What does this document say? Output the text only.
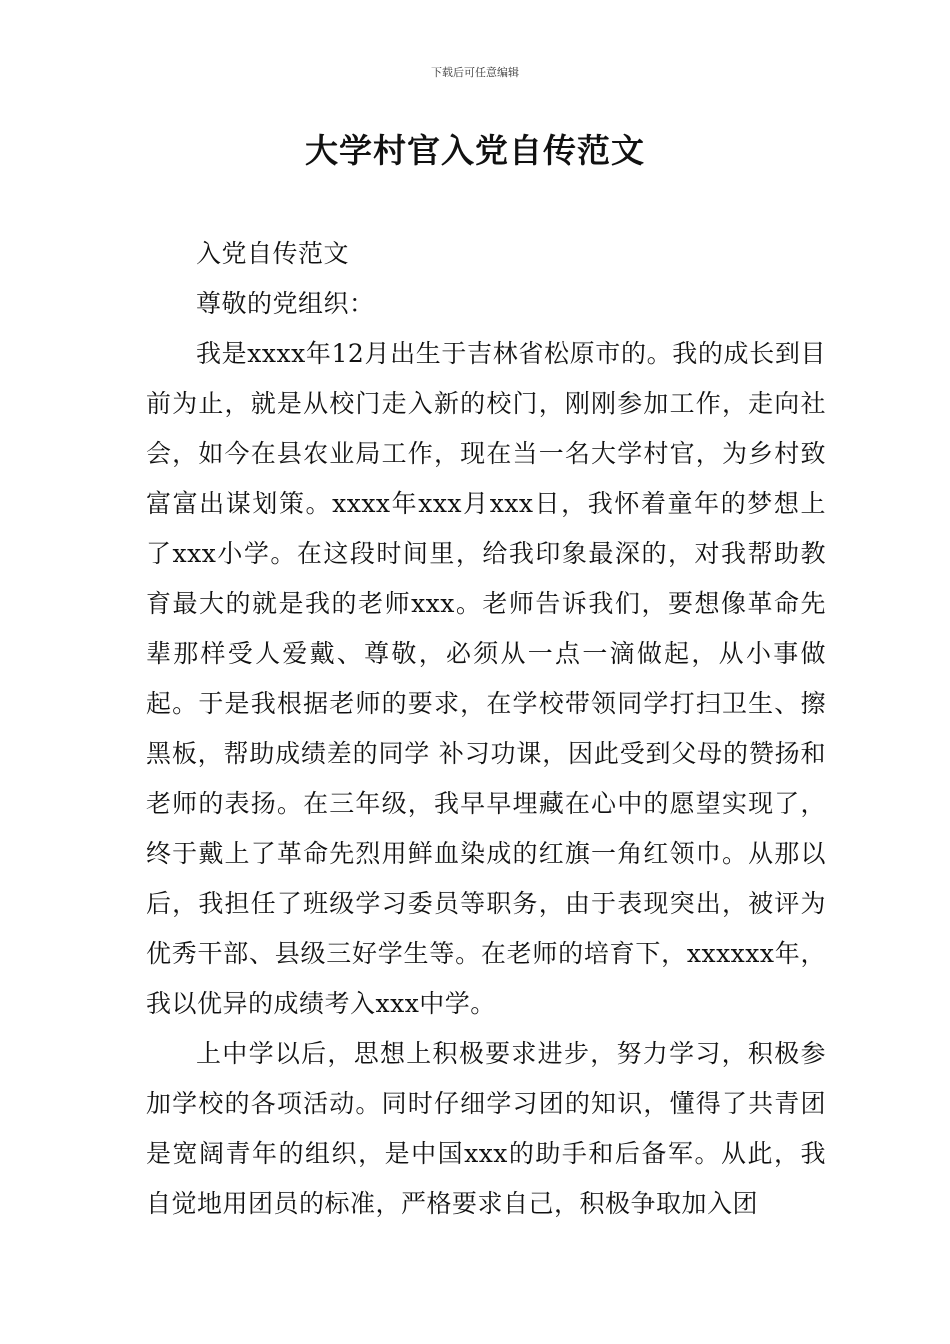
下载后可任意编辑
大学村官入党自传范文

入党自传范文

尊敬的党组织：

我是xxxx年12月出生于吉林省松原市的。我的成长到目前为止，就是从校门走入新的校门，刚刚参加工作，走向社会，如今在县农业局工作，现在当一名大学村官，为乡村致富富出谋划策。xxxx年xxx月xxx日，我怀着童年的梦想上了xxx小学。在这段时间里，给我印象最深的，对我帮助教育最大的就是我的老师xxx。老师告诉我们，要想像革命先辈那样受人爱戴、尊敬，必须从一点一滴做起，从小事做起。于是我根据老师的要求，在学校带领同学打扫卫生、擦黑板，帮助成绩差的同学 补习功课，因此受到父母的赞扬和老师的表扬。在三年级，我早早埋藏在心中的愿望实现了，终于戴上了革命先烈用鲜血染成的红旗一角红领巾。从那以后，我担任了班级学习委员等职务，由于表现突出，被评为优秀干部、县级三好学生等。在老师的培育下，xxxxxx年，我以优异的成绩考入xxx中学。

上中学以后，思想上积极要求进步，努力学习，积极参加学校的各项活动。同时仔细学习团的知识，懂得了共青团是宽阔青年的组织，是中国xxx的助手和后备军。从此，我自觉地用团员的标准，严格要求自己，积极争取加入团
